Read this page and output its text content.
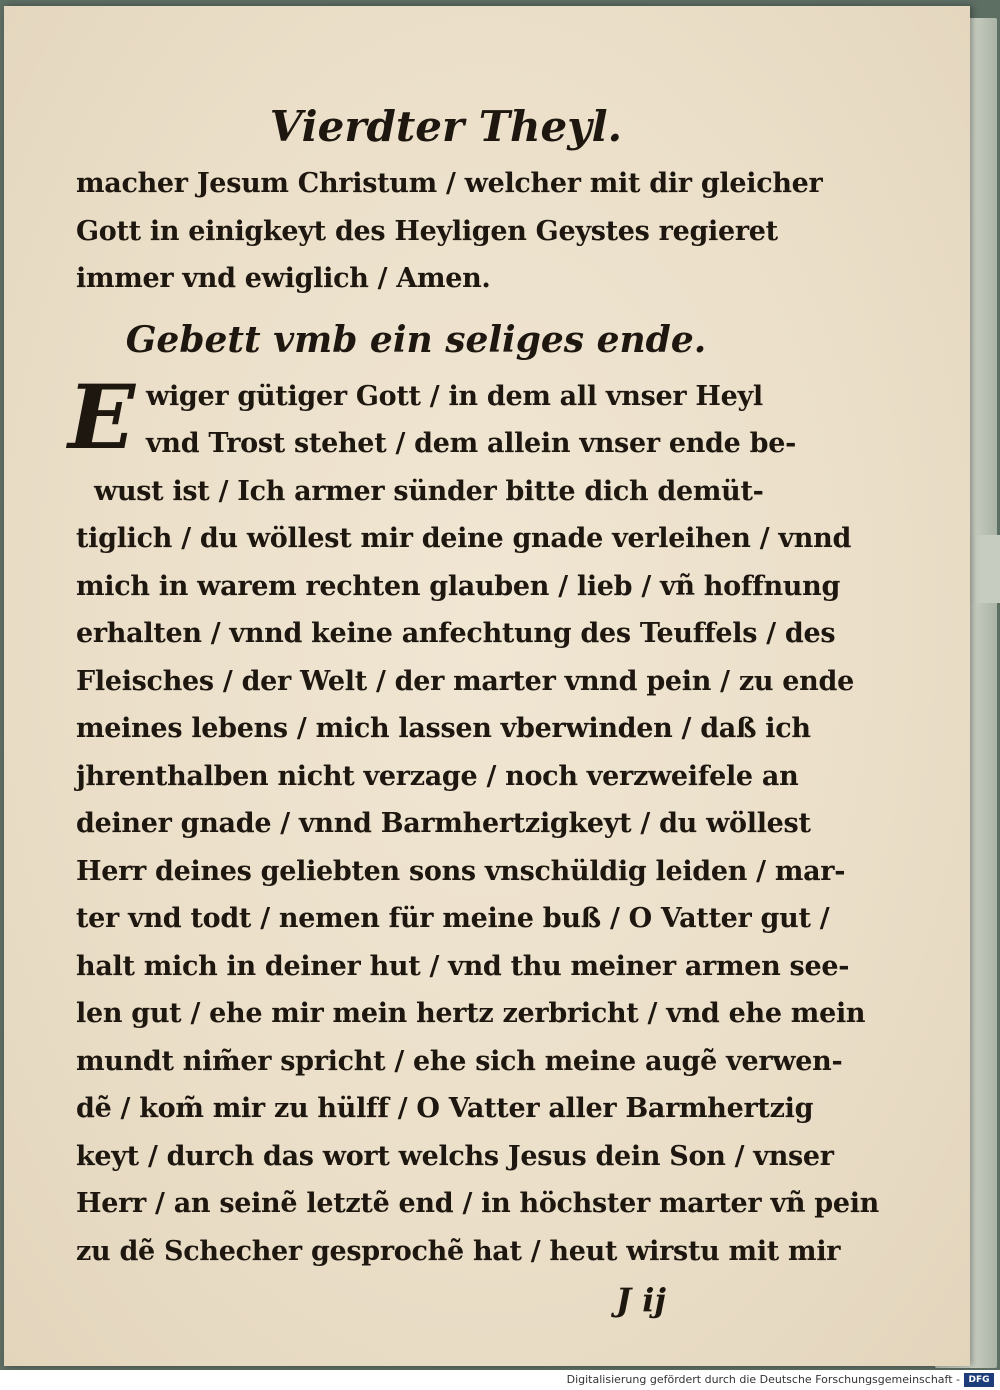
Vierdter Theyl.
macher Jesum Christum / welcher mit dir gleicher
Gott in einigkeyt des Heyligen Geystes regieret
immer vnd ewiglich / Amen.
Gebett vmb ein seliges ende.
E wiger gütiger Gott / in dem all vnser Heyl
vnd Trost stehet / dem allein vnser ende be-
wust ist / Ich armer sünder bitte dich demüt-
tiglich / du wöllest mir deine gnade verleihen / vnnd
mich in warem rechten glauben / lieb / vñ hoffnung
erhalten / vnnd keine anfechtung des Teuffels / des
Fleisches / der Welt / der marter vnnd pein / zu ende
meines lebens / mich lassen vberwinden / daß ich
jhrenthalben nicht verzage / noch verzweifele an
deiner gnade / vnnd Barmhertzigkeyt / du wöllest
Herr deines geliebten sons vnschüldig leiden / mar-
ter vnd todt / nemen für meine buß / O Vatter gut /
halt mich in deiner hut / vnd thu meiner armen see-
len gut / ehe mir mein hertz zerbricht / vnd ehe mein
mundt nim̃er spricht / ehe sich meine augẽ verwen-
dẽ / kom̃ mir zu hülff / O Vatter aller Barmhertzig
keyt / durch das wort welchs Jesus dein Son / vnser
Herr / an seinẽ letztẽ end / in höchster marter vñ pein
zu dẽ Schecher gesprochẽ hat / heut wirstu mit mir
J ij
Digitalisierung gefördert durch die Deutsche Forschungsgemeinschaft - DFG
